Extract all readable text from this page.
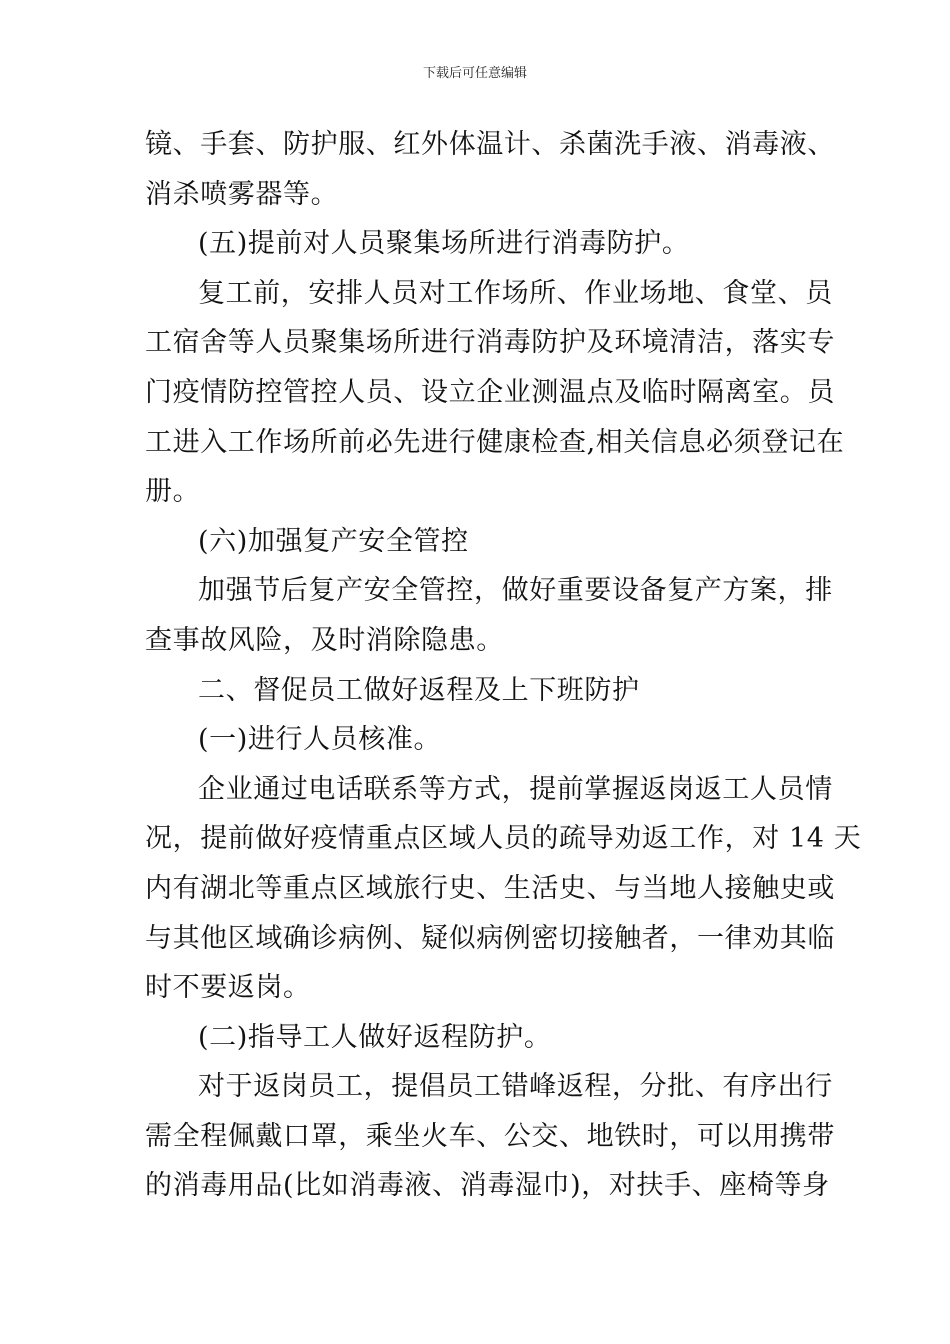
下载后可任意编辑
镜、手套、防护服、红外体温计、杀菌洗手液、消毒液、
消杀喷雾器等。
(五)提前对人员聚集场所进行消毒防护。
复工前，安排人员对工作场所、作业场地、食堂、员
工宿舍等人员聚集场所进行消毒防护及环境清洁，落实专
门疫情防控管控人员、设立企业测温点及临时隔离室。员
工进入工作场所前必先进行健康检查,相关信息必须登记在
册。
(六)加强复产安全管控
加强节后复产安全管控，做好重要设备复产方案，排
查事故风险，及时消除隐患。
二、督促员工做好返程及上下班防护
(一)进行人员核准。
企业通过电话联系等方式，提前掌握返岗返工人员情
况，提前做好疫情重点区域人员的疏导劝返工作，对 14 天
内有湖北等重点区域旅行史、生活史、与当地人接触史或
与其他区域确诊病例、疑似病例密切接触者，一律劝其临
时不要返岗。
(二)指导工人做好返程防护。
对于返岗员工，提倡员工错峰返程，分批、有序出行
需全程佩戴口罩，乘坐火车、公交、地铁时，可以用携带
的消毒用品(比如消毒液、消毒湿巾)，对扶手、座椅等身
